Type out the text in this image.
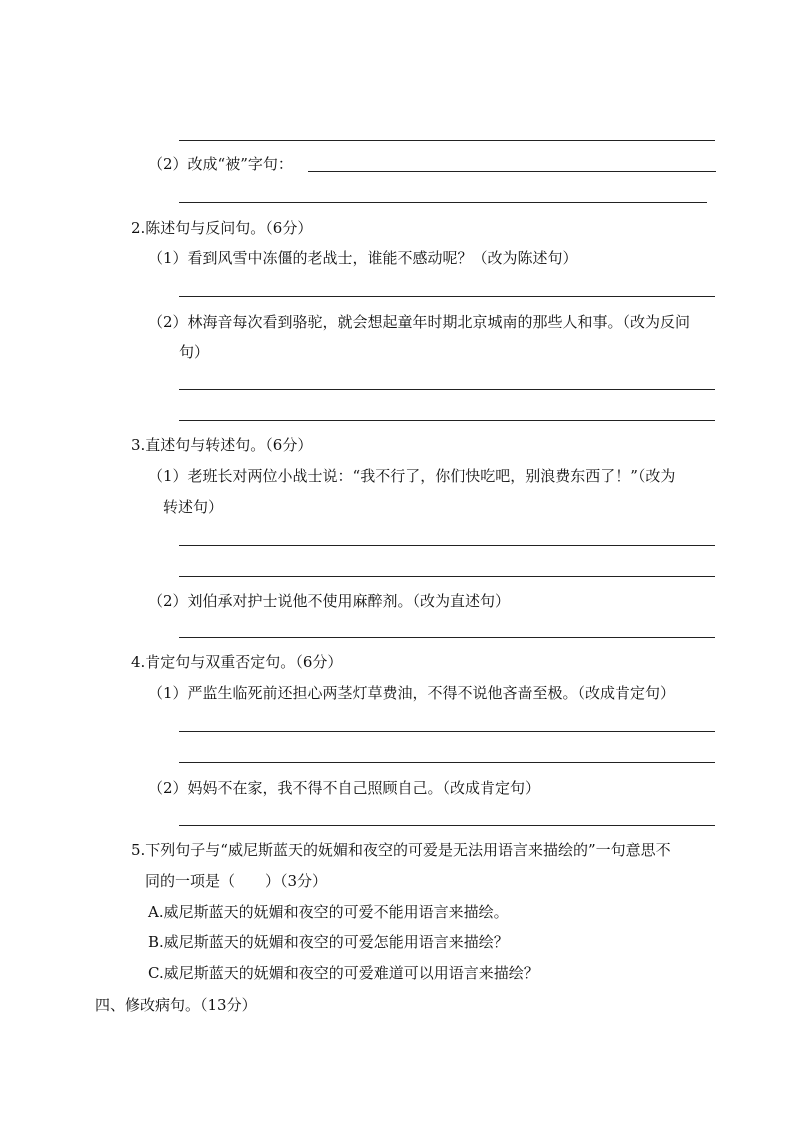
（2）改成“被”字句：
2.陈述句与反问句。（6分）
（1）看到风雪中冻僵的老战士，谁能不感动呢？（改为陈述句）
（2）林海音每次看到骆驼，就会想起童年时期北京城南的那些人和事。（改为反问
句）
3.直述句与转述句。（6分）
（1）老班长对两位小战士说：“我不行了，你们快吃吧，别浪费东西了！”（改为
转述句）
（2）刘伯承对护士说他不使用麻醉剂。（改为直述句）
4.肯定句与双重否定句。（6分）
（1）严监生临死前还担心两茎灯草费油，不得不说他吝啬至极。（改成肯定句）
（2）妈妈不在家，我不得不自己照顾自己。（改成肯定句）
5.下列句子与“威尼斯蓝天的妩媚和夜空的可爱是无法用语言来描绘的”一句意思不
同的一项是（　　）（3分）
A.威尼斯蓝天的妩媚和夜空的可爱不能用语言来描绘。
B.威尼斯蓝天的妩媚和夜空的可爱怎能用语言来描绘？
C.威尼斯蓝天的妩媚和夜空的可爱难道可以用语言来描绘？
四、修改病句。（13分）
